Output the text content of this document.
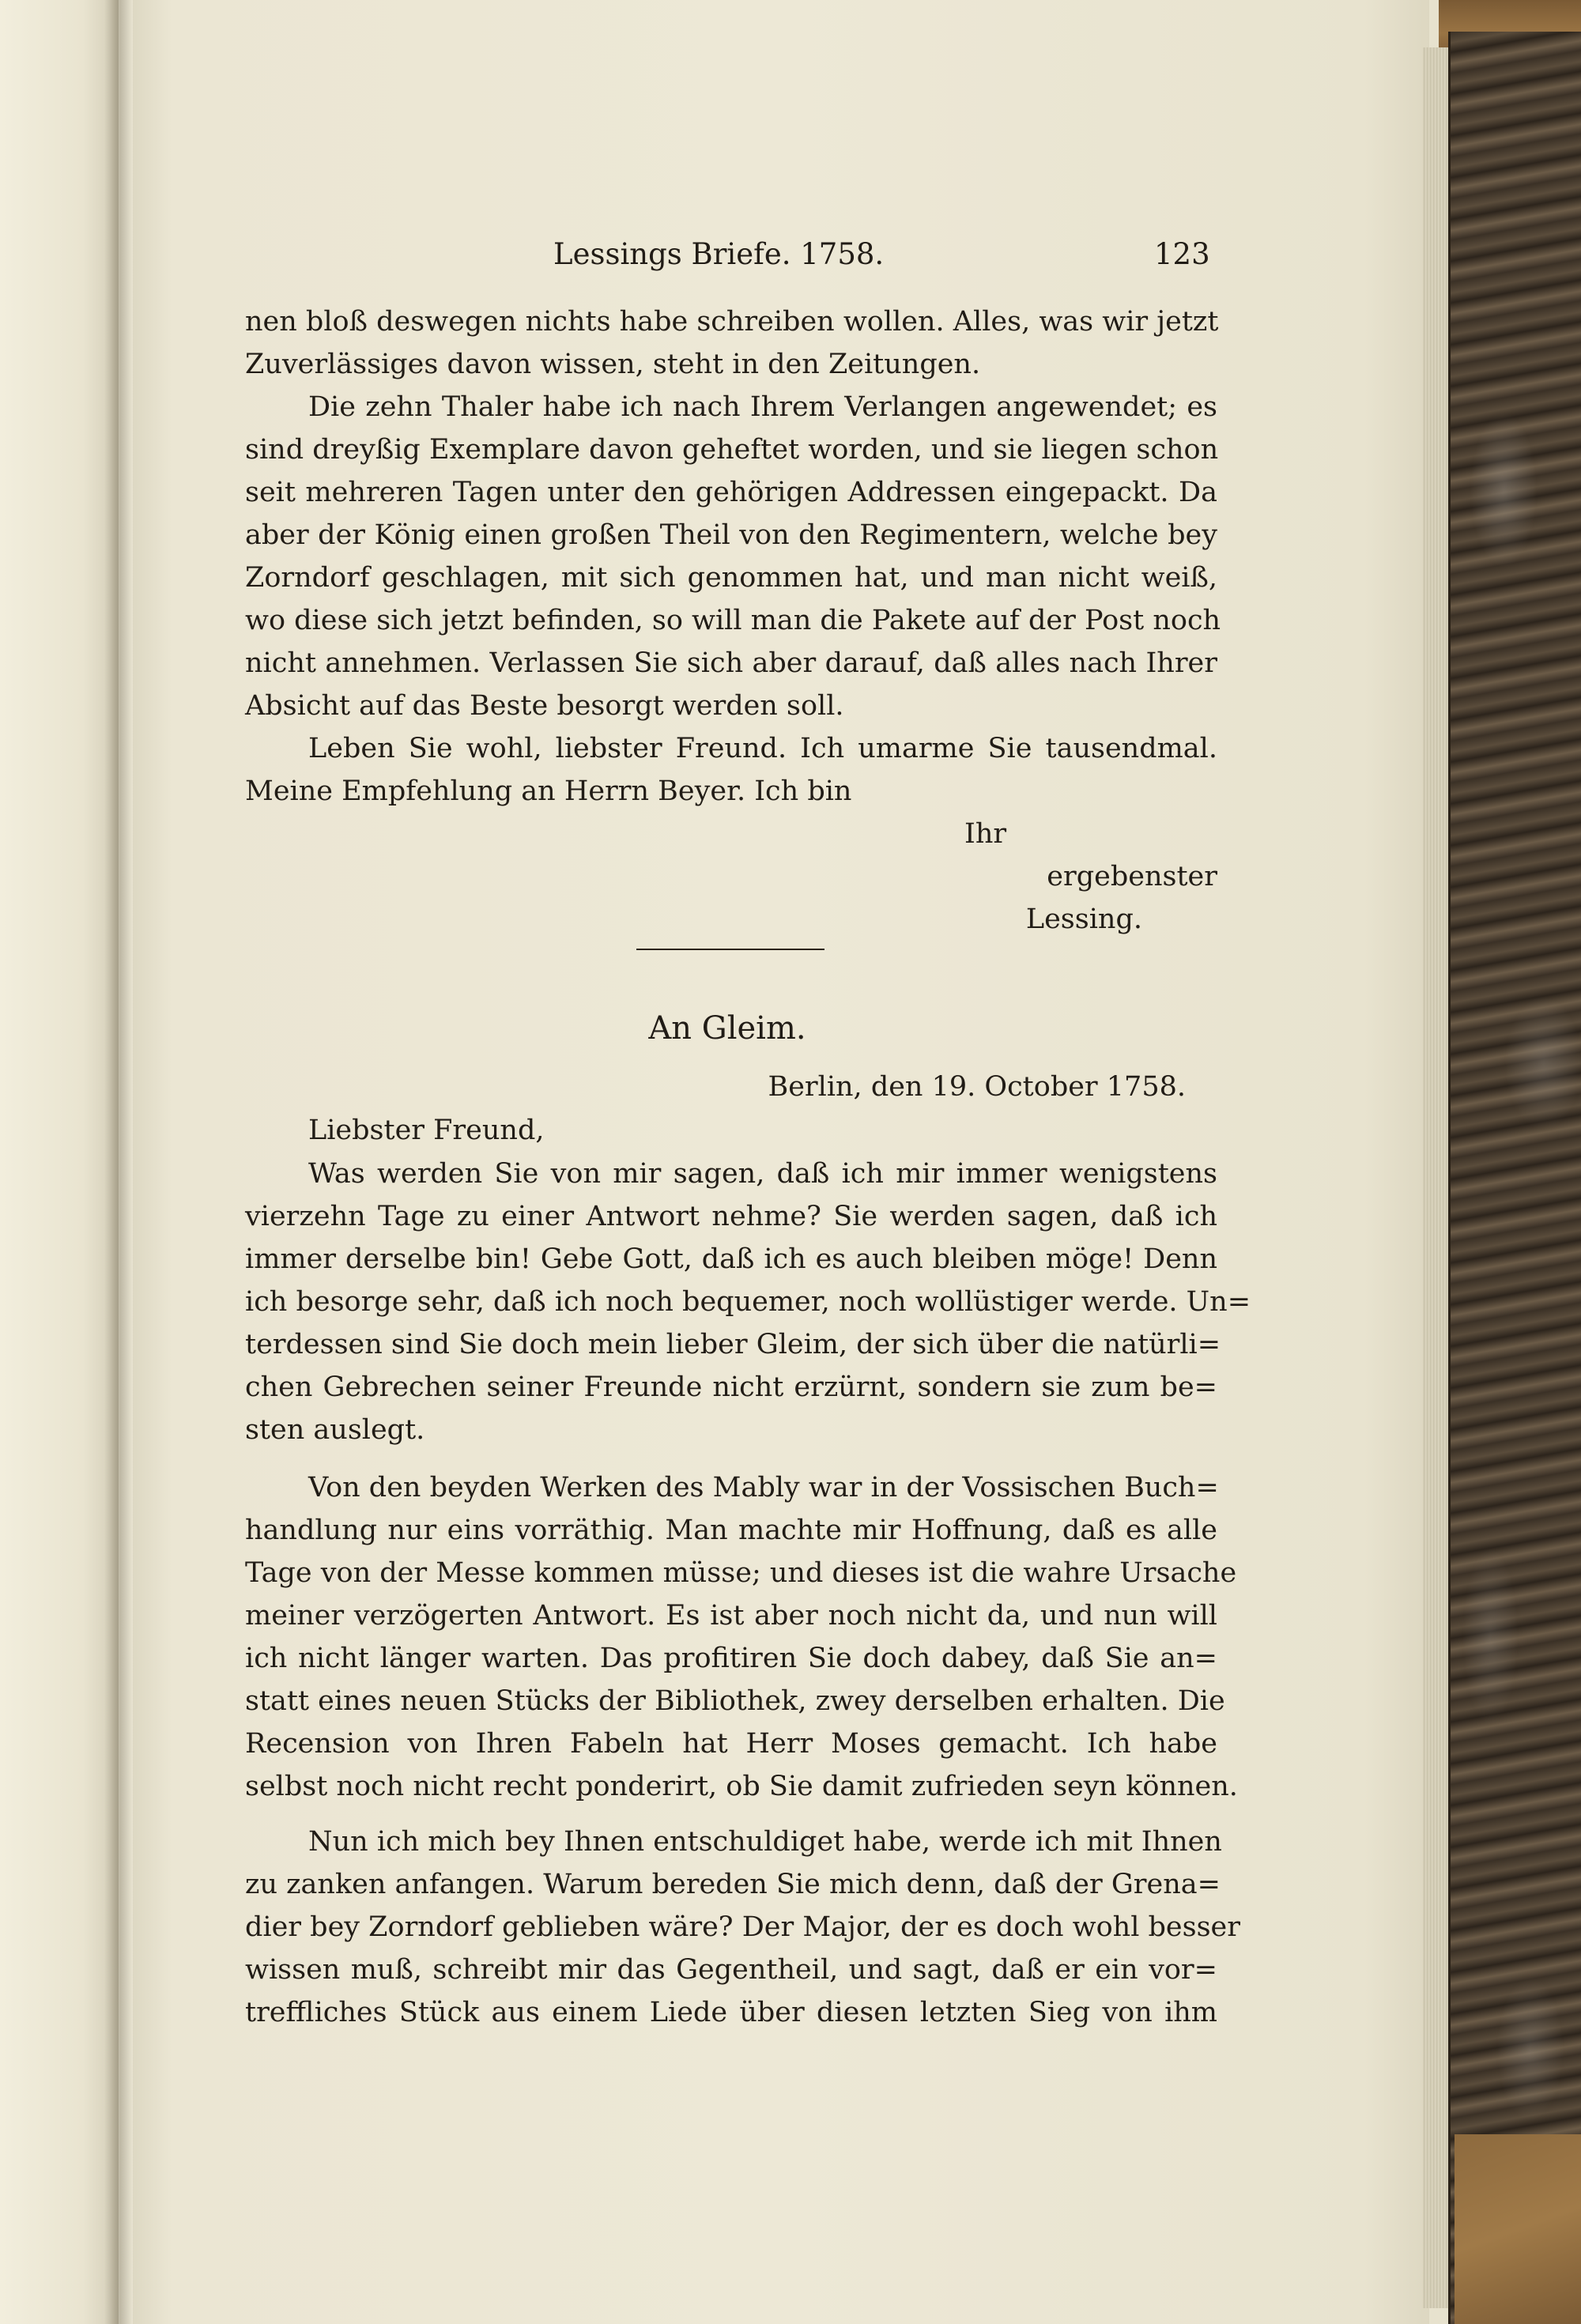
Lessings Briefe. 1758.	123
nen bloß deswegen nichts habe schreiben wollen. Alles, was wir jetzt
Zuverlässiges davon wissen, steht in den Zeitungen.
Die zehn Thaler habe ich nach Ihrem Verlangen angewendet; es
sind dreyßig Exemplare davon geheftet worden, und sie liegen schon
seit mehreren Tagen unter den gehörigen Addressen eingepackt. Da
aber der König einen großen Theil von den Regimentern, welche bey
Zorndorf geschlagen, mit sich genommen hat, und man nicht weiß,
wo diese sich jetzt befinden, so will man die Pakete auf der Post noch
nicht annehmen. Verlassen Sie sich aber darauf, daß alles nach Ihrer
Absicht auf das Beste besorgt werden soll.
Leben Sie wohl, liebster Freund. Ich umarme Sie tausendmal.
Meine Empfehlung an Herrn Beyer. Ich bin
Ihr
ergebenster
Lessing.
An Gleim.
Berlin, den 19. October 1758.
Liebster Freund,
Was werden Sie von mir sagen, daß ich mir immer wenigstens
vierzehn Tage zu einer Antwort nehme? Sie werden sagen, daß ich
immer derselbe bin! Gebe Gott, daß ich es auch bleiben möge! Denn
ich besorge sehr, daß ich noch bequemer, noch wollüstiger werde. Un=
terdessen sind Sie doch mein lieber Gleim, der sich über die natürli=
chen Gebrechen seiner Freunde nicht erzürnt, sondern sie zum be=
sten auslegt.
Von den beyden Werken des Mably war in der Vossischen Buch=
handlung nur eins vorräthig. Man machte mir Hoffnung, daß es alle
Tage von der Messe kommen müsse; und dieses ist die wahre Ursache
meiner verzögerten Antwort. Es ist aber noch nicht da, und nun will
ich nicht länger warten. Das profitiren Sie doch dabey, daß Sie an=
statt eines neuen Stücks der Bibliothek, zwey derselben erhalten. Die
Recension von Ihren Fabeln hat Herr Moses gemacht. Ich habe
selbst noch nicht recht ponderirt, ob Sie damit zufrieden seyn können.
Nun ich mich bey Ihnen entschuldiget habe, werde ich mit Ihnen
zu zanken anfangen. Warum bereden Sie mich denn, daß der Grena=
dier bey Zorndorf geblieben wäre? Der Major, der es doch wohl besser
wissen muß, schreibt mir das Gegentheil, und sagt, daß er ein vor=
treffliches Stück aus einem Liede über diesen letzten Sieg von ihm
